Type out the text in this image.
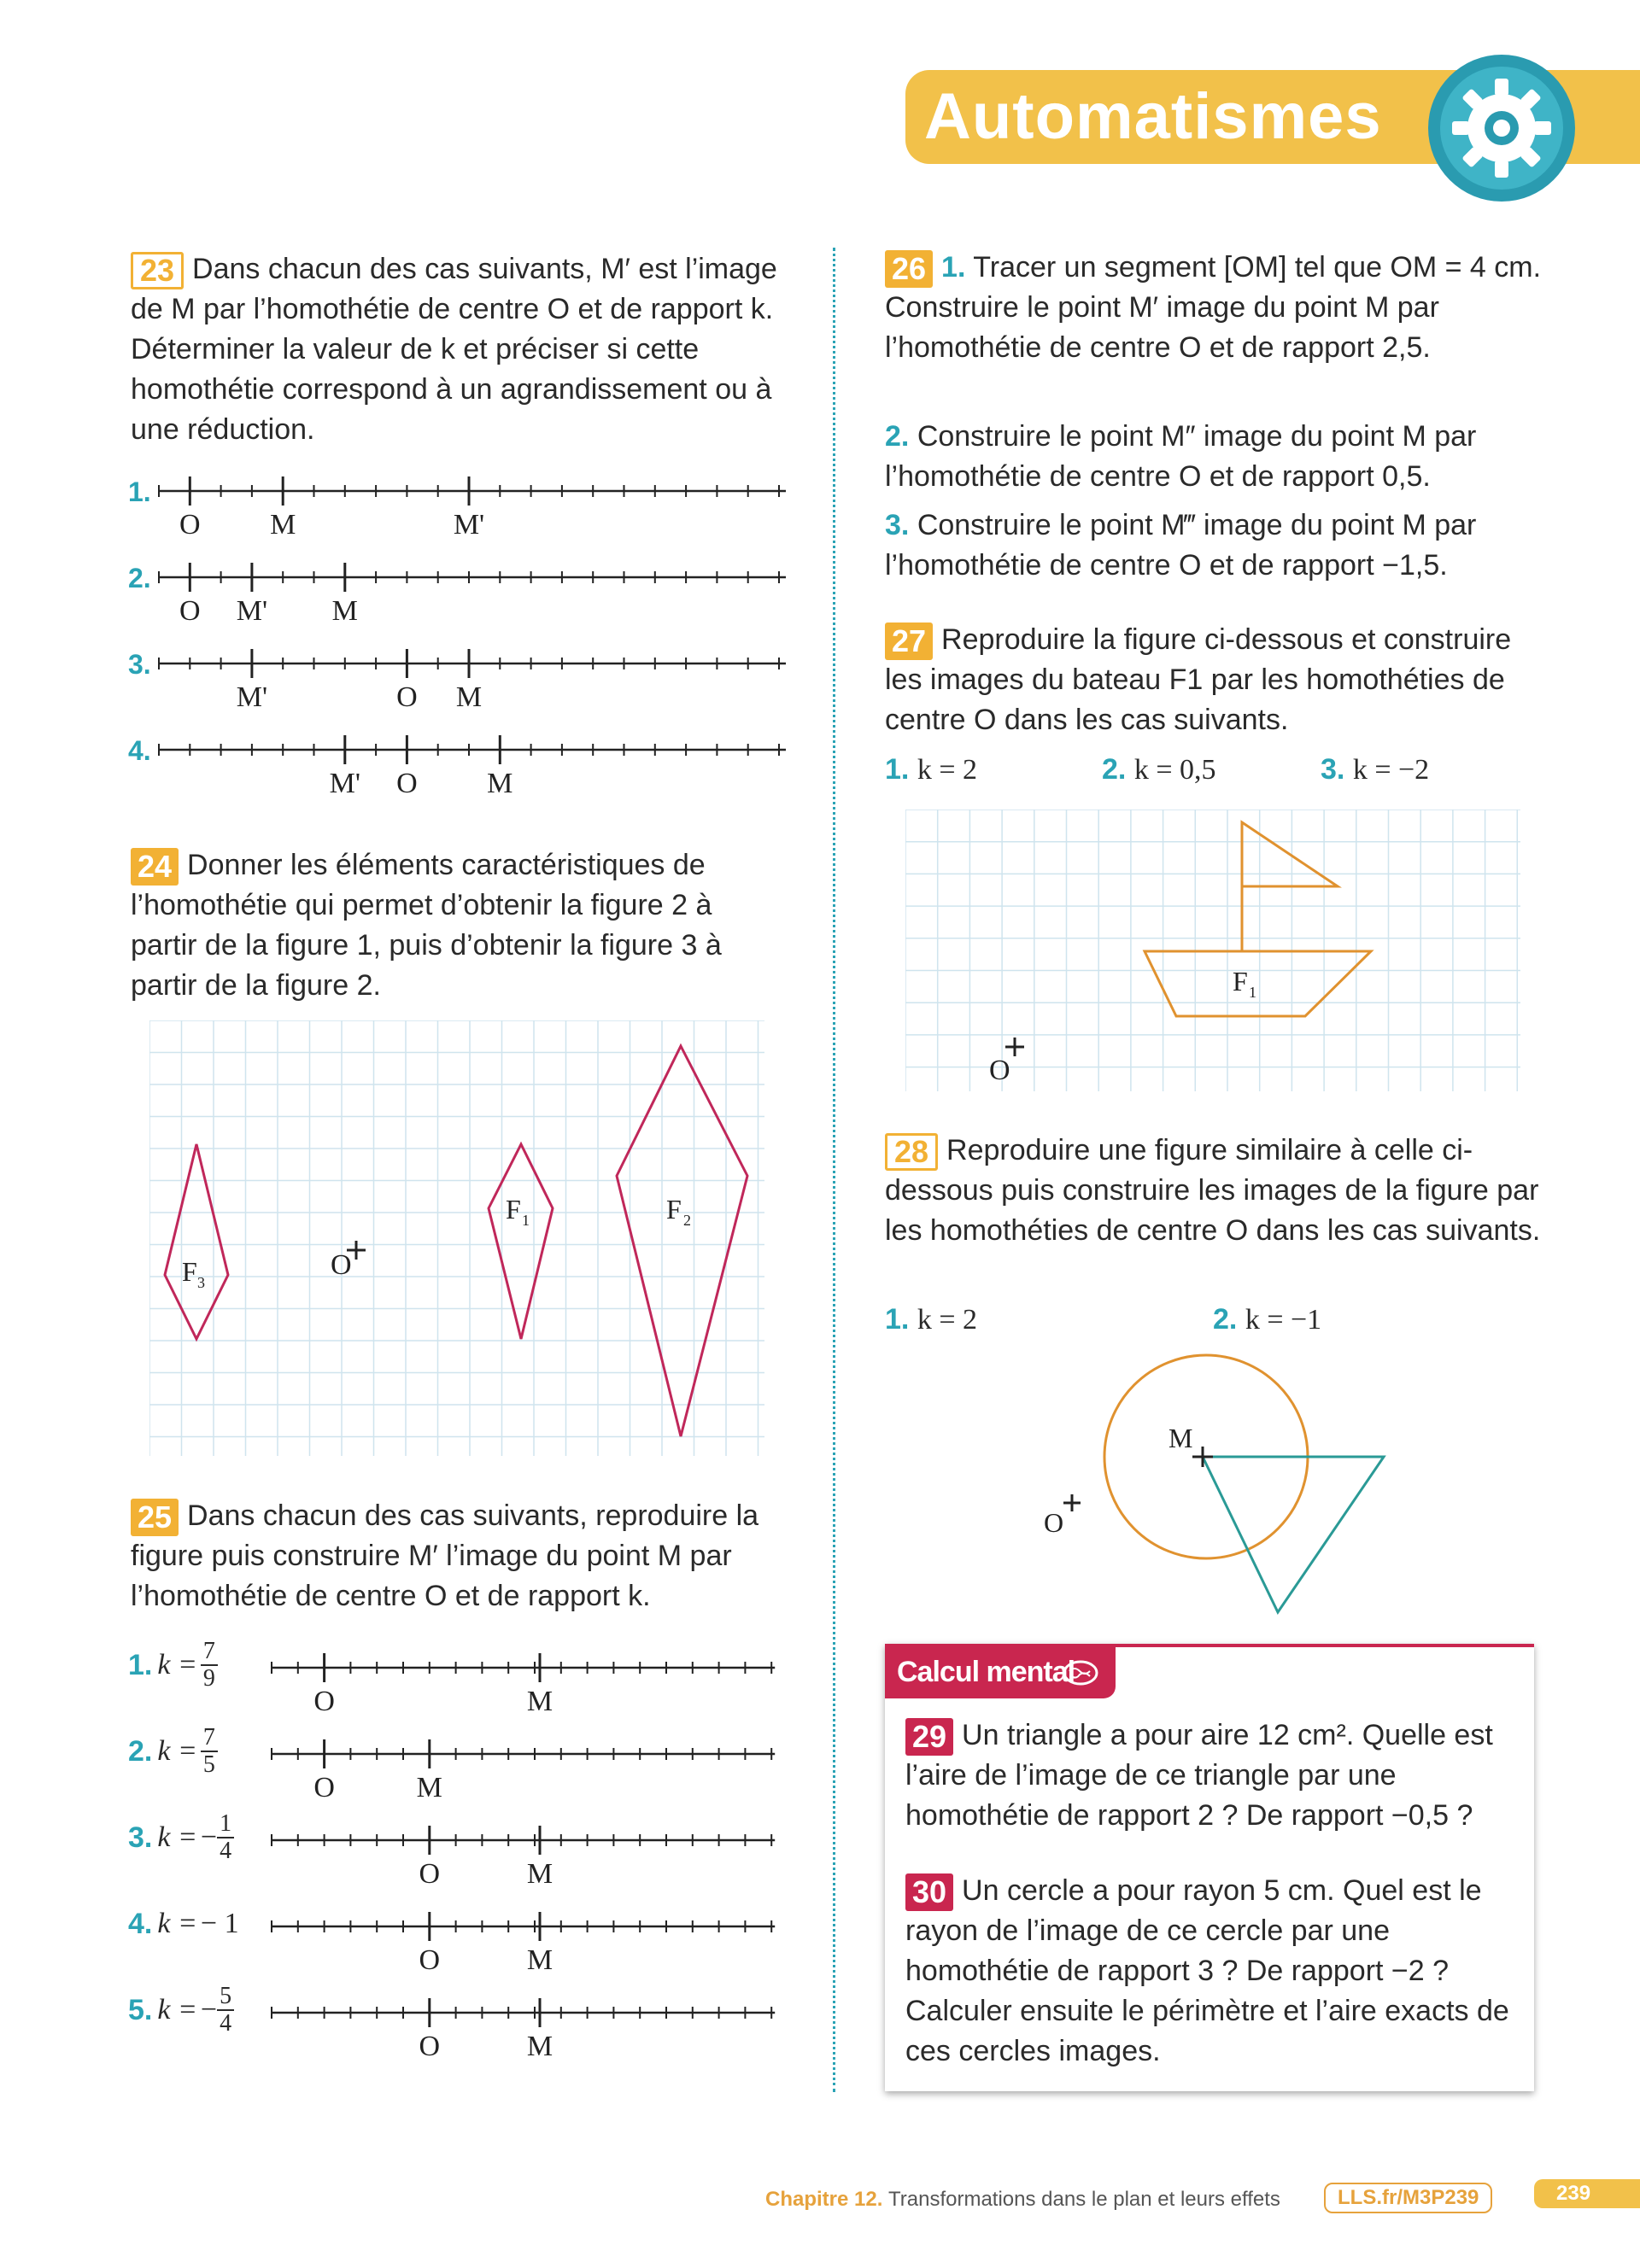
Automatismes
23 Dans chacun des cas suivants, M′ est l’image de M par l’homothétie de centre O et de rapport k. Déterminer la valeur de k et préciser si cette homothétie correspond à un agrandissement ou à une réduction.
1.
O M	M'
2.
O M' M
3.
M'	O M
4.
M' O M
24 Donner les éléments caractéristiques de l’homothétie qui permet d’obtenir la figure 2 à partir de la figure 1, puis d’obtenir la figure 3 à partir de la figure 2.
O
F 3
F 1	F 2
25 Dans chacun des cas suivants, reproduire la figure puis construire M′ l’image du point M par l’homothétie de centre O et de rapport k.
1. $k = \frac{7}{9}$
2. $k = \frac{7}{5}$
3. k = − $\frac{1}{4}$
4. k = − 1
5. k = − $\frac{5}{4}$
O	M
O	M
O	M
O	M
O	M
26 1. Tracer un segment [OM] tel que OM = 4 cm. Construire le point M′ image du point M par l’homothétie de centre O et de rapport 2,5.
2. Construire le point M″ image du point M par l’homothétie de centre O et de rapport 0,5.
3. Construire le point M‴ image du point M par l’homothétie de centre O et de rapport −1,5.
27 Reproduire la figure ci-dessous et construire les images du bateau F1 par les homothéties de centre O dans les cas suivants.
1. k = 2	2. k = 0,5	3. k = −2
O
F 1
28 Reproduire une figure similaire à celle ci-dessous puis construire les images de la figure par les homothéties de centre O dans les cas suivants.
1. k = 2	2. k = −1
M
O
Calcul mental
29 Un triangle a pour aire 12 cm². Quelle est l’aire de l’image de ce triangle par une homothétie de rapport 2 ? De rapport −0,5 ?
30 Un cercle a pour rayon 5 cm. Quel est le rayon de l’image de ce cercle par une homothétie de rapport 3 ? De rapport −2 ? Calculer ensuite le périmètre et l’aire exacts de ces cercles images.
Chapitre 12. Transformations dans le plan et leurs effets	LLS.fr/M3P239	239
